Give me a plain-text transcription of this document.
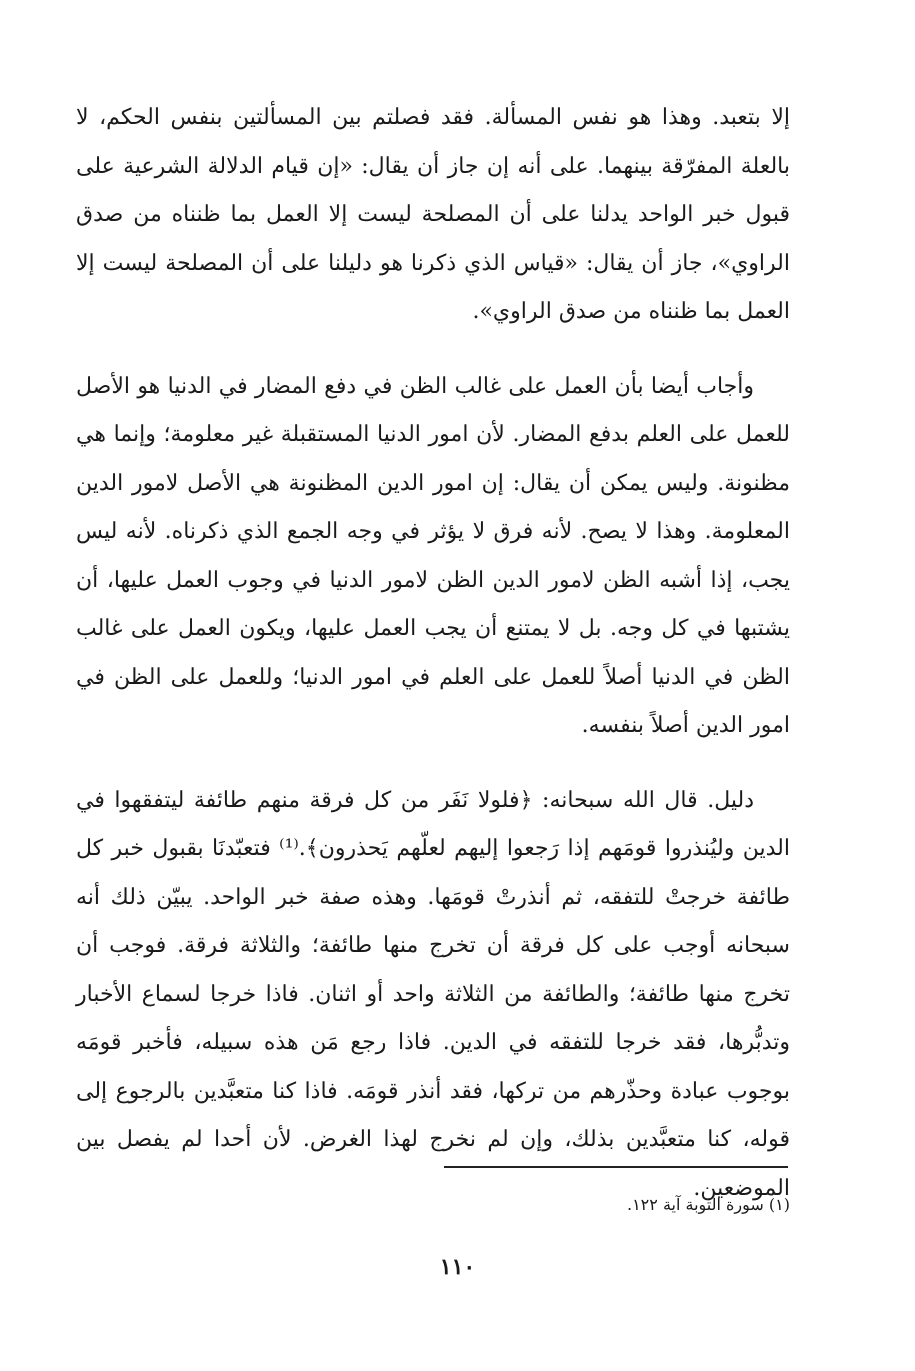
إلا بتعبد. وهذا هو نفس المسألة. فقد فصلتم بين المسألتين بنفس الحكم، لا بالعلة المفرّقة بينهما. على أنه إن جاز أن يقال: «إن قيام الدلالة الشرعية على قبول خبر الواحد يدلنا على أن المصلحة ليست إلا العمل بما ظنناه من صدق الراوي»، جاز أن يقال: «قياس الذي ذكرنا هو دليلنا على أن المصلحة ليست إلا العمل بما ظنناه من صدق الراوي».

وأجاب أيضا بأن العمل على غالب الظن في دفع المضار في الدنيا هو الأصل للعمل على العلم بدفع المضار. لأن امور الدنيا المستقبلة غير معلومة؛ وإنما هي مظنونة. وليس يمكن أن يقال: إن امور الدين المظنونة هي الأصل لامور الدين المعلومة. وهذا لا يصح. لأنه فرق لا يؤثر في وجه الجمع الذي ذكرناه. لأنه ليس يجب، إذا أشبه الظن لامور الدين الظن لامور الدنيا في وجوب العمل عليها، أن يشتبها في كل وجه. بل لا يمتنع أن يجب العمل عليها، ويكون العمل على غالب الظن في الدنيا أصلاً للعمل على العلم في امور الدنيا؛ وللعمل على الظن في امور الدين أصلاً بنفسه.

دليل. قال الله سبحانه: ﴿فلولا نَفَر من كل فرقة منهم طائفة ليتفقهوا في الدين وليُنذروا قومَهم إذا رَجعوا إليهم لعلّهم يَحذرون﴾.⁽¹⁾ فتعبّدنَا بقبول خبر كل طائفة خرجتْ للتفقه، ثم أنذرتْ قومَها. وهذه صفة خبر الواحد. يبيّن ذلك أنه سبحانه أوجب على كل فرقة أن تخرج منها طائفة؛ والثلاثة فرقة. فوجب أن تخرج منها طائفة؛ والطائفة من الثلاثة واحد أو اثنان. فاذا خرجا لسماع الأخبار وتدبُّرها، فقد خرجا للتفقه في الدين. فاذا رجع مَن هذه سبيله، فأخبر قومَه بوجوب عبادة وحذّرهم من تركها، فقد أنذر قومَه. فاذا كنا متعبَّدين بالرجوع إلى قوله، كنا متعبَّدين بذلك، وإن لم نخرج لهذا الغرض. لأن أحدا لم يفصل بين الموضعين.

(١) سورة التوبة آية ١٢٢.
١١٠
